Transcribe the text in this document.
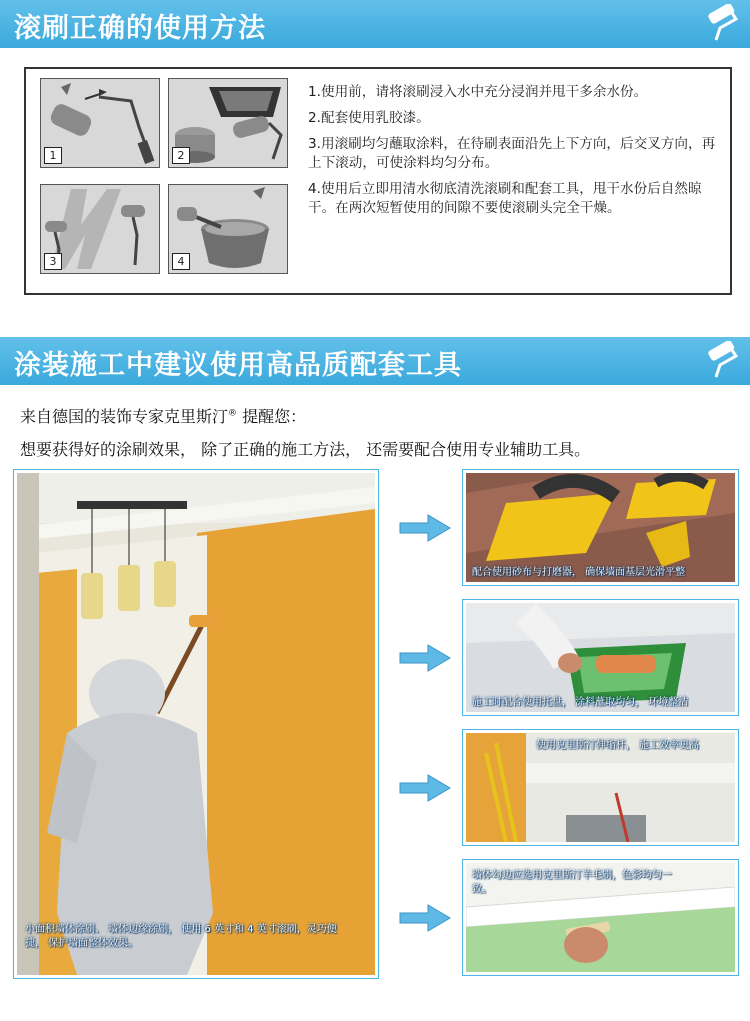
滚刷正确的使用方法
1	2
3	4

1.使用前，请将滚刷浸入水中充分浸润并甩干多余水份。

2.配套使用乳胶漆。

3.用滚刷均匀蘸取涂料，在待刷表面沿先上下方向，后交叉方向，再上下滚动，可使涂料均匀分布。

4.使用后立即用清水彻底清洗滚刷和配套工具，甩干水份后自然晾干。在两次短暂使用的间隙不要使滚刷头完全干燥。

涂装施工中建议使用高品质配套工具
来自德国的装饰专家克里斯汀® 提醒您：
想要获得好的涂刷效果， 除了正确的施工方法， 还需要配合使用专业辅助工具。
小面积墙体涂刷、 墙体边缘涂刷， 使用 6 英寸和 4 英寸滚刷，灵巧便捷， 保护墙面整体效果。
配合使用砂布与打磨器， 确保墙面基层光滑平整
施工时配合使用托盘， 涂料蘸取均匀， 环境整洁
使用克里斯汀伸缩杆， 施工效率更高
墙体勾边应选用克里斯汀羊毛刷，色彩均匀一致。
